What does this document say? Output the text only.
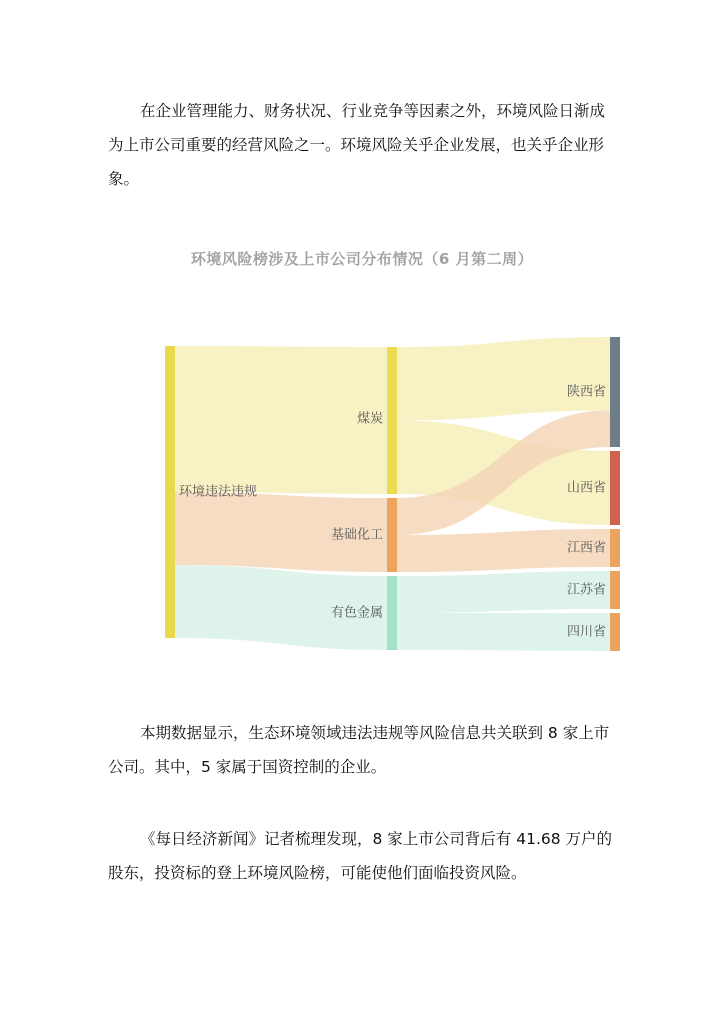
在企业管理能力、财务状况、行业竞争等因素之外，环境风险日渐成为上市公司重要的经营风险之一。环境风险关乎企业发展，也关乎企业形象。

环境风险榜涉及上市公司分布情况（6 月第二周）
环境违法违规
煤炭
基础化工
有色金属
陕西省
山西省
江西省
江苏省
四川省

本期数据显示，生态环境领域违法违规等风险信息共关联到 8 家上市公司。其中，5 家属于国资控制的企业。

《每日经济新闻》记者梳理发现，8 家上市公司背后有 41.68 万户的股东，投资标的登上环境风险榜，可能使他们面临投资风险。
